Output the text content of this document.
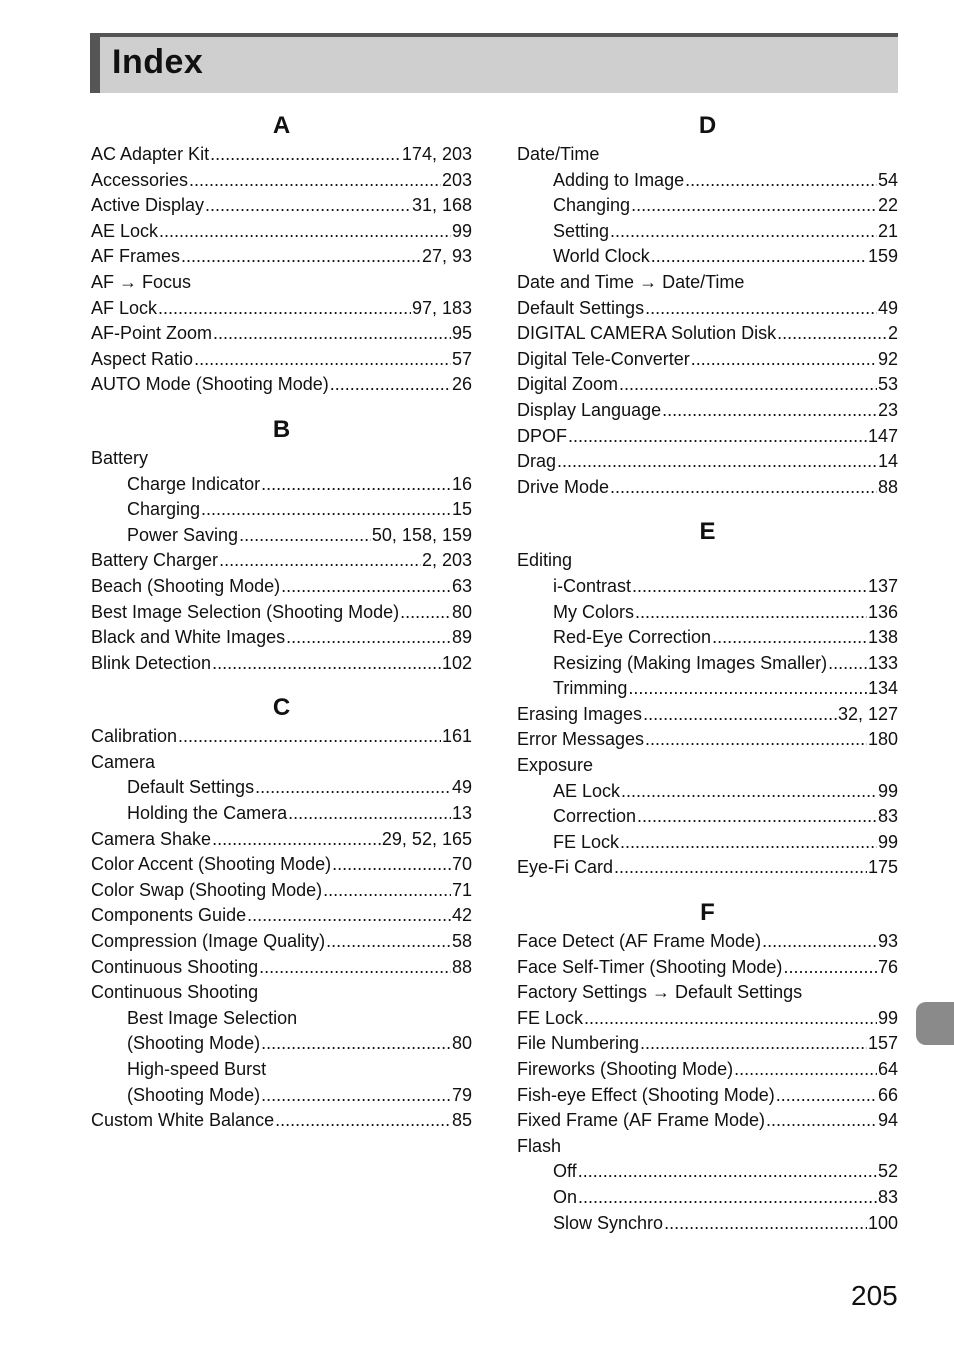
Index
A
AC Adapter Kit .....	174, 203
Accessories .....	203
Active Display .....	31, 168
AE Lock .....	99
AF Frames .....	27, 93
AF → Focus
AF Lock .....	97, 183
AF-Point Zoom .....	95
Aspect Ratio .....	57
AUTO Mode (Shooting Mode) .....	26
B
Battery
Charge Indicator .....	16
Charging .....	15
Power Saving .....	50, 158, 159
Battery Charger .....	2, 203
Beach (Shooting Mode) .....	63
Best Image Selection (Shooting Mode) .....	80
Black and White Images .....	89
Blink Detection .....	102
C
Calibration .....	161
Camera
Default Settings .....	49
Holding the Camera .....	13
Camera Shake .....	29, 52, 165
Color Accent (Shooting Mode) .....	70
Color Swap (Shooting Mode) .....	71
Components Guide .....	42
Compression (Image Quality) .....	58
Continuous Shooting .....	88
Continuous Shooting
Best Image Selection
(Shooting Mode) .....	80
High-speed Burst
(Shooting Mode) .....	79
Custom White Balance .....	85
D
Date/Time
Adding to Image .....	54
Changing .....	22
Setting .....	21
World Clock .....	159
Date and Time → Date/Time
Default Settings .....	49
DIGITAL CAMERA Solution Disk .....	2
Digital Tele-Converter .....	92
Digital Zoom .....	53
Display Language .....	23
DPOF .....	147
Drag .....	14
Drive Mode .....	88
E
Editing
i-Contrast .....	137
My Colors .....	136
Red-Eye Correction .....	138
Resizing (Making Images Smaller) ..... 133
Trimming .....	134
Erasing Images .....	32, 127
Error Messages .....	180
Exposure
AE Lock .....	99
Correction .....	83
FE Lock .....	99
Eye-Fi Card .....	175
F
Face Detect (AF Frame Mode) .....	93
Face Self-Timer (Shooting Mode) .....	76
Factory Settings → Default Settings
FE Lock .....	99
File Numbering .....	157
Fireworks (Shooting Mode) .....	64
Fish-eye Effect (Shooting Mode) .....	66
Fixed Frame (AF Frame Mode) .....	94
Flash
Off .....	52
On .....	83
Slow Synchro .....	100
205
